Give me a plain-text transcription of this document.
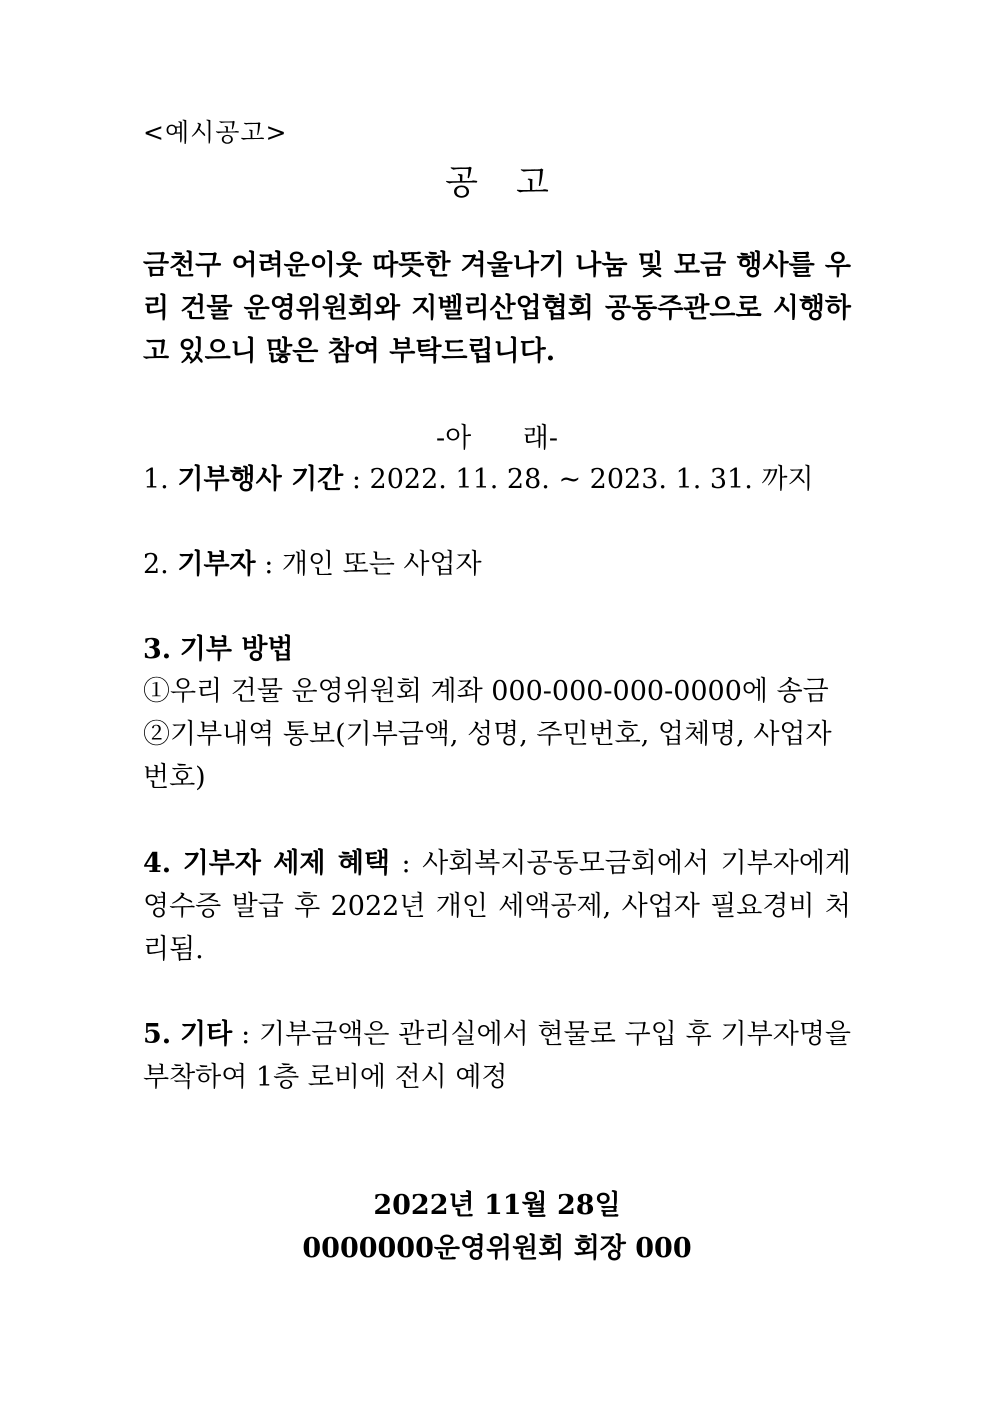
<예시공고>
공고
금천구 어려운이웃 따뜻한 겨울나기 나눔 및 모금 행사를 우리 건물 운영위원회와 지벨리산업협회 공동주관으로 시행하고 있으니 많은 참여 부탁드립니다.
-아      래-
1. 기부행사 기간 : 2022. 11. 28. ~ 2023. 1. 31. 까지
2. 기부자 : 개인 또는 사업자
3. 기부 방법
①우리 건물 운영위원회 계좌 000-000-000-0000에 송금
②기부내역 통보(기부금액, 성명, 주민번호, 업체명, 사업자 번호)
4. 기부자 세제 혜택 : 사회복지공동모금회에서 기부자에게 영수증 발급 후 2022년 개인 세액공제, 사업자 필요경비 처리됨.
5. 기타 : 기부금액은 관리실에서 현물로 구입 후 기부자명을 부착하여 1층 로비에 전시 예정
2022년 11월 28일
0000000운영위원회 회장 000
